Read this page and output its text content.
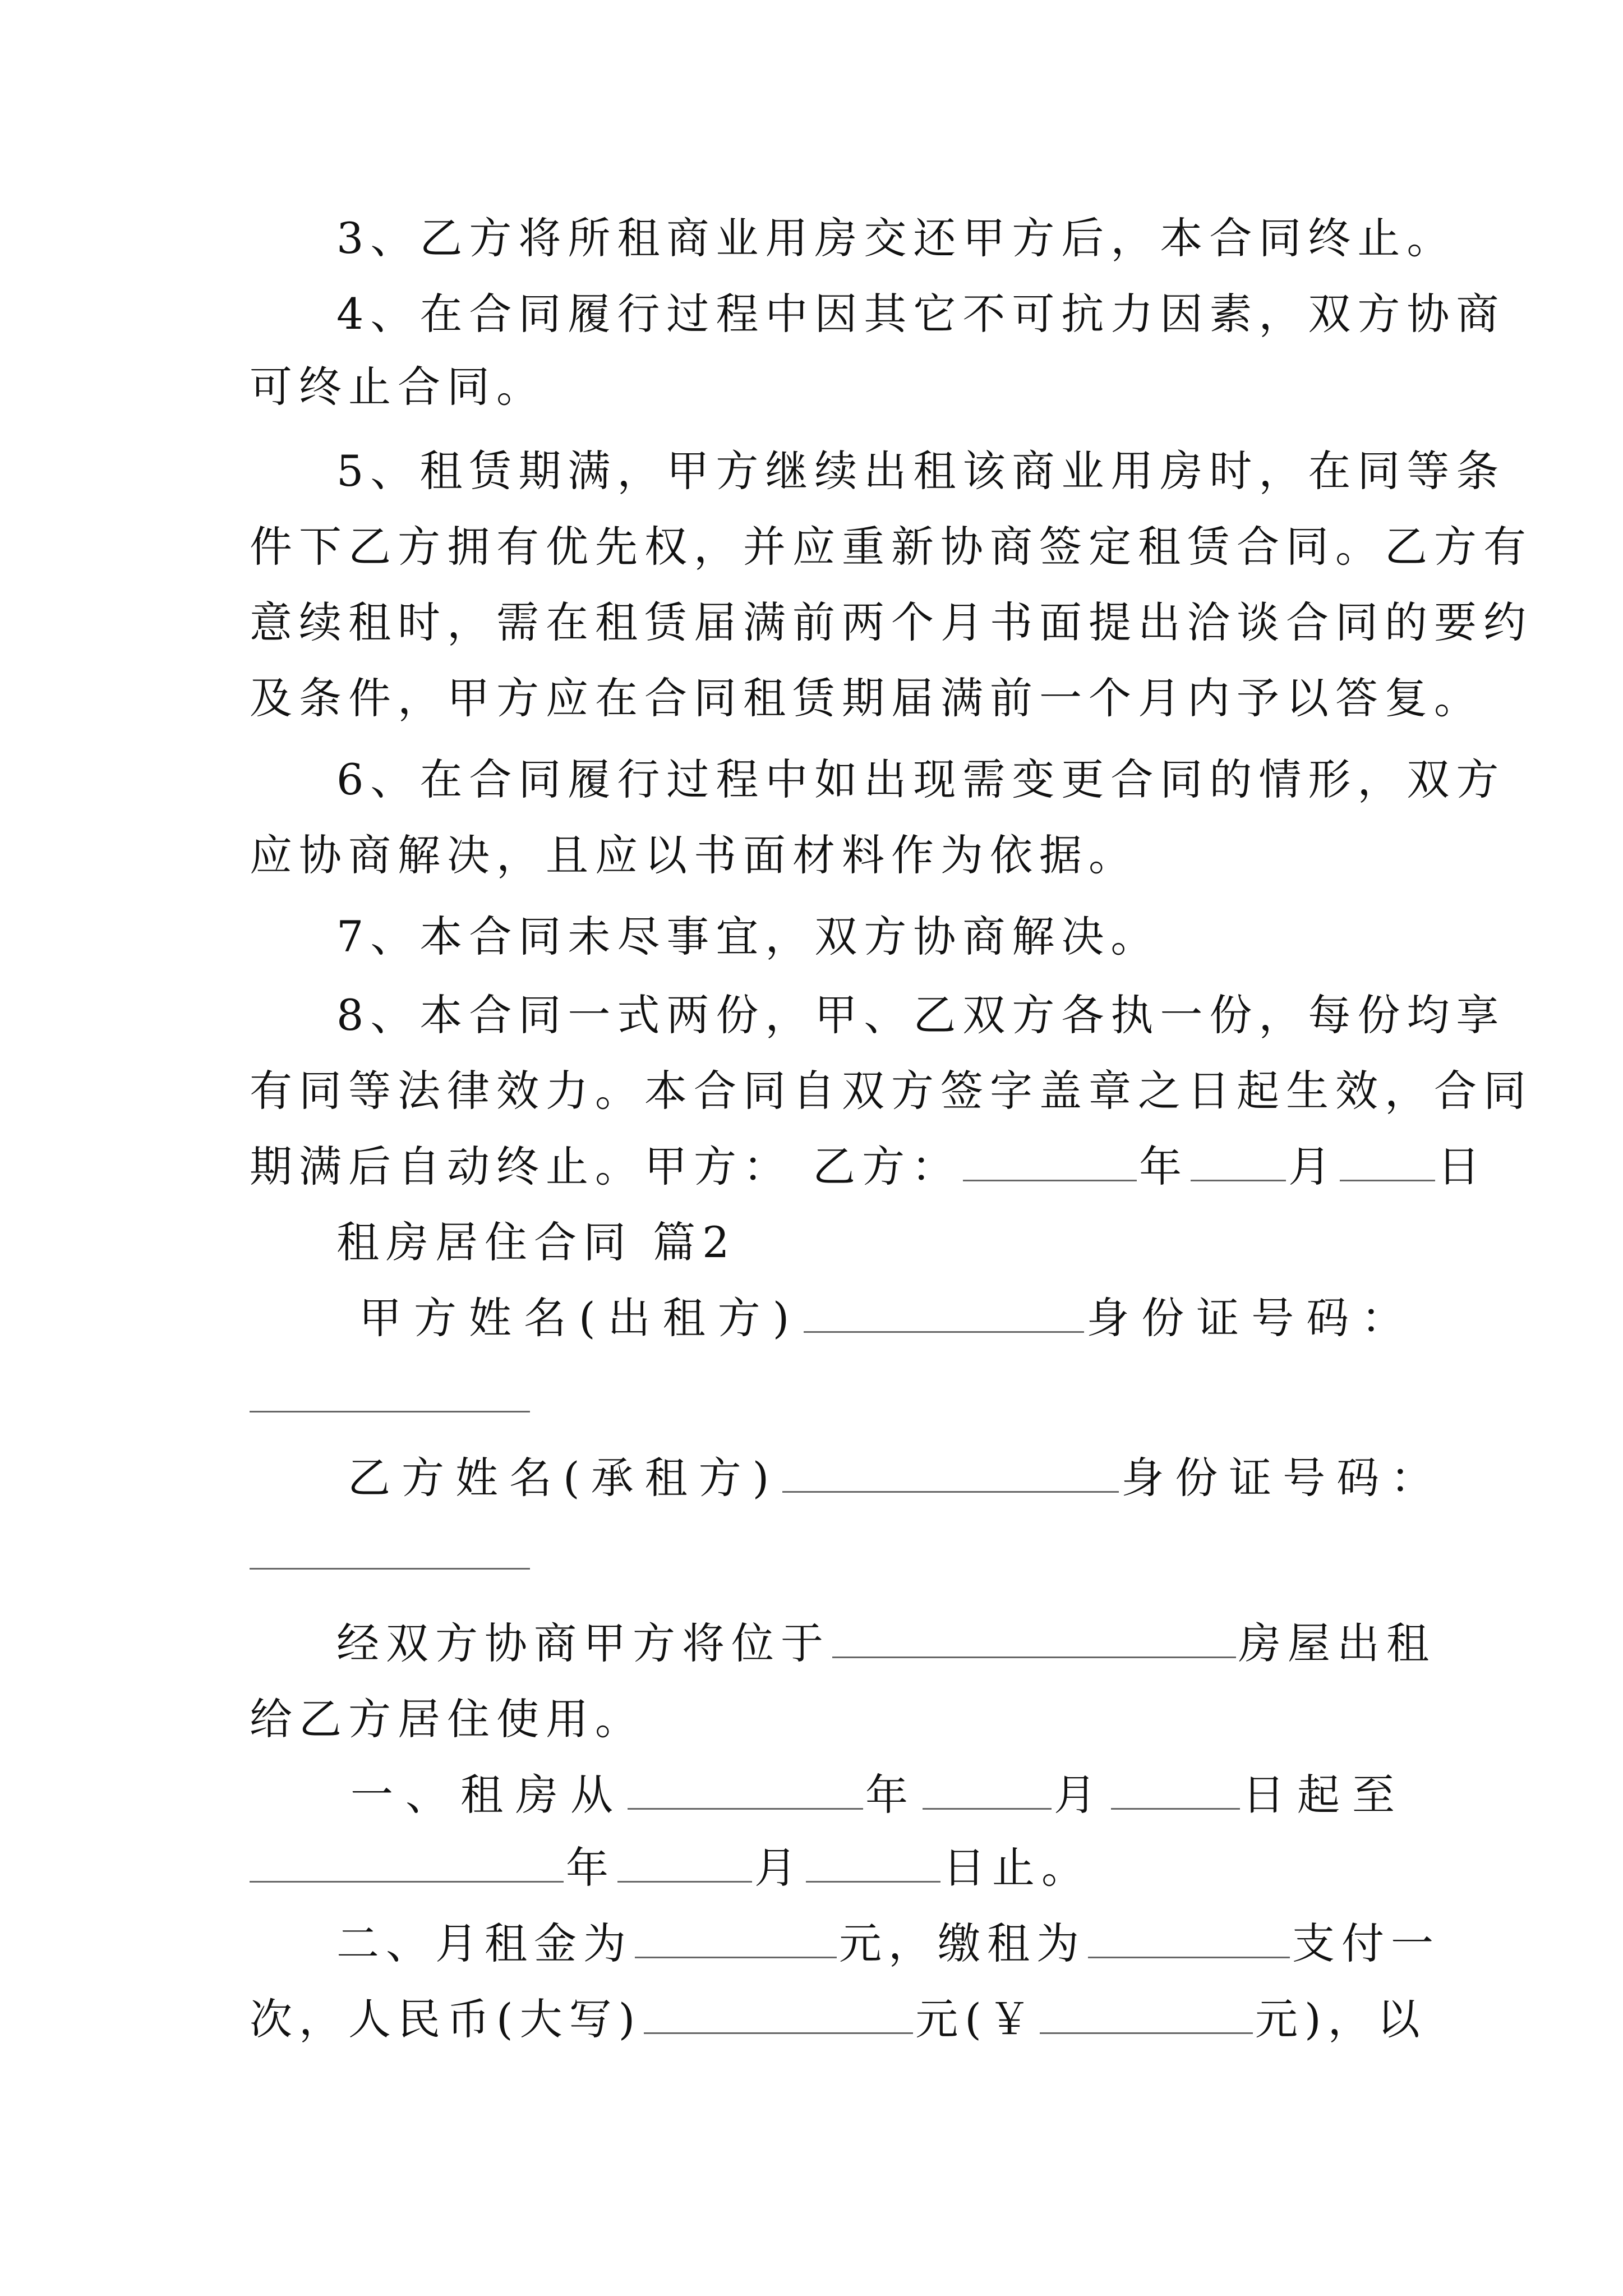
3、乙方将所租商业用房交还甲方后，本合同终止。
4、在合同履行过程中因其它不可抗力因素，双方协商
可终止合同。
5、租赁期满，甲方继续出租该商业用房时，在同等条
件下乙方拥有优先权，并应重新协商签定租赁合同。乙方有
意续租时，需在租赁届满前两个月书面提出洽谈合同的要约
及条件，甲方应在合同租赁期届满前一个月内予以答复。
6、在合同履行过程中如出现需变更合同的情形，双方
应协商解决，且应以书面材料作为依据。
7、本合同未尽事宜，双方协商解决。
8、本合同一式两份，甲、乙双方各执一份，每份均享
有同等法律效力。本合同自双方签字盖章之日起生效，合同
期满后自动终止。甲方： 乙方：	年 月 日
租房居住合同 篇2
甲方姓名(出租方)	身份证号码：
乙方姓名(承租方)	身份证号码：
经双方协商甲方将位于	房屋出租
给乙方居住使用。
一、租房从	年	月	日起至
年	月	日止。
二、月租金为	元，缴租为	支付一
次，人民币(大写)	元(￥	元)，以
